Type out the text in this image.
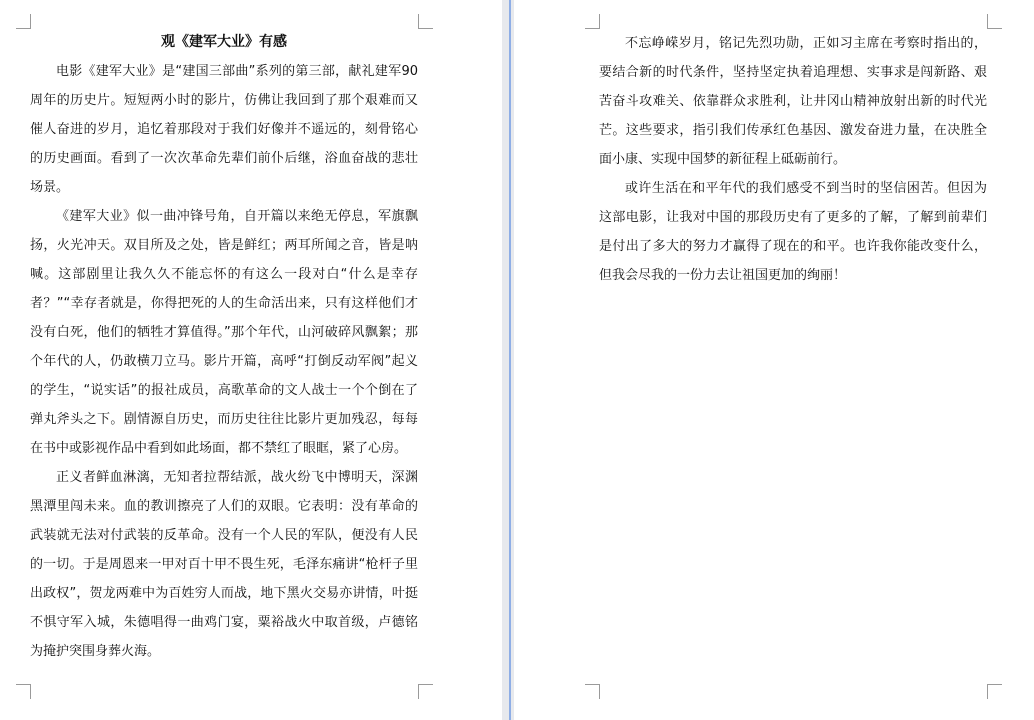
观《建军大业》有感

电影《建军大业》是“建国三部曲”系列的第三部，献礼建军90周年的历史片。短短两小时的影片，仿佛让我回到了那个艰难而又催人奋进的岁月，追忆着那段对于我们好像并不遥远的，刻骨铭心的历史画面。看到了一次次革命先辈们前仆后继，浴血奋战的悲壮场景。

《建军大业》似一曲冲锋号角，自开篇以来绝无停息，军旗飘扬，火光冲天。双目所及之处，皆是鲜红；两耳所闻之音，皆是呐喊。这部剧里让我久久不能忘怀的有这么一段对白“什么是幸存者？”“幸存者就是，你得把死的人的生命活出来，只有这样他们才没有白死，他们的牺牲才算值得。”那个年代，山河破碎风飘絮；那个年代的人，仍敢横刀立马。影片开篇，高呼“打倒反动军阀”起义的学生，“说实话”的报社成员，高歌革命的文人战士一个个倒在了弹丸斧头之下。剧情源自历史，而历史往往比影片更加残忍，每每在书中或影视作品中看到如此场面，都不禁红了眼眶，紧了心房。

正义者鲜血淋漓，无知者拉帮结派，战火纷飞中博明天，深渊黑潭里闯未来。血的教训擦亮了人们的双眼。它表明：没有革命的武装就无法对付武装的反革命。没有一个人民的军队，便没有人民的一切。于是周恩来一甲对百十甲不畏生死，毛泽东痛讲“枪杆子里出政权”，贺龙两难中为百姓穷人而战，地下黑火交易亦讲情，叶挺不惧守军入城，朱德唱得一曲鸡门宴，粟裕战火中取首级，卢德铭为掩护突围身葬火海。

不忘峥嵘岁月，铭记先烈功勋，正如习主席在考察时指出的，要结合新的时代条件，坚持坚定执着追理想、实事求是闯新路、艰苦奋斗攻难关、依靠群众求胜利，让井冈山精神放射出新的时代光芒。这些要求，指引我们传承红色基因、激发奋进力量，在决胜全面小康、实现中国梦的新征程上砥砺前行。

或许生活在和平年代的我们感受不到当时的坚信困苦。但因为这部电影，让我对中国的那段历史有了更多的了解，了解到前辈们是付出了多大的努力才赢得了现在的和平。也许我你能改变什么，但我会尽我的一份力去让祖国更加的绚丽！
